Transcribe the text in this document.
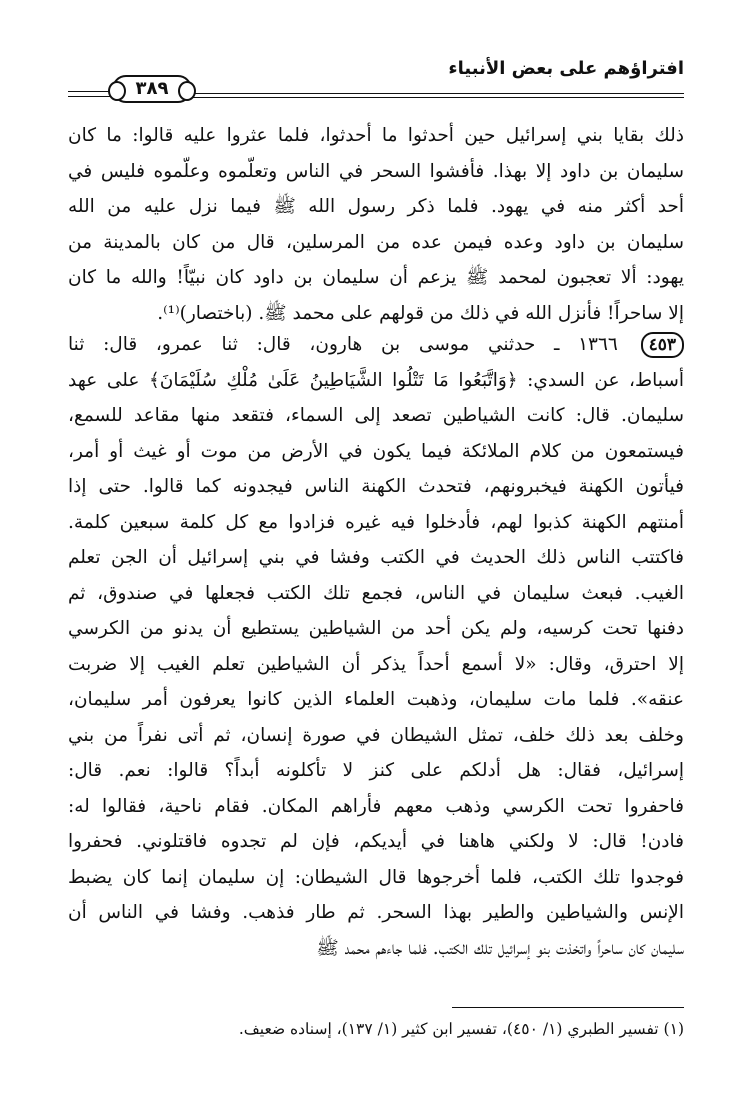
افتراؤهم على بعض الأنبياء
٣٨٩
ذلك بقايا بني إسرائيل حين أحدثوا ما أحدثوا، فلما عثروا عليه قالوا: ما كان
سليمان بن داود إلا بهذا. فأفشوا السحر في الناس وتعلّموه وعلّموه فليس في
أحد أكثر منه في يهود. فلما ذكر رسول الله ﷺ فيما نزل عليه من الله
سليمان بن داود وعده فيمن عده من المرسلين، قال من كان بالمدينة من
يهود: ألا تعجبون لمحمد ﷺ يزعم أن سليمان بن داود كان نبيّاً! والله ما كان
إلا ساحراً! فأنزل الله في ذلك من قولهم على محمد ﷺ. (باختصار)⁽¹⁾.
٤٥٣ ١٣٦٦ ـ حدثني موسى بن هارون، قال: ثنا عمرو، قال: ثنا
أسباط، عن السدي: ﴿وَاتَّبَعُوا مَا تَتْلُوا الشَّيَاطِينُ عَلَىٰ مُلْكِ سُلَيْمَانَ﴾ على عهد
سليمان. قال: كانت الشياطين تصعد إلى السماء، فتقعد منها مقاعد للسمع،
فيستمعون من كلام الملائكة فيما يكون في الأرض من موت أو غيث أو أمر،
فيأتون الكهنة فيخبرونهم، فتحدث الكهنة الناس فيجدونه كما قالوا. حتى إذا
أمنتهم الكهنة كذبوا لهم، فأدخلوا فيه غيره فزادوا مع كل كلمة سبعين كلمة.
فاكتتب الناس ذلك الحديث في الكتب وفشا في بني إسرائيل أن الجن تعلم
الغيب. فبعث سليمان في الناس، فجمع تلك الكتب فجعلها في صندوق، ثم
دفنها تحت كرسيه، ولم يكن أحد من الشياطين يستطيع أن يدنو من الكرسي
إلا احترق، وقال: «لا أسمع أحداً يذكر أن الشياطين تعلم الغيب إلا ضربت
عنقه». فلما مات سليمان، وذهبت العلماء الذين كانوا يعرفون أمر سليمان،
وخلف بعد ذلك خلف، تمثل الشيطان في صورة إنسان، ثم أتى نفراً من بني
إسرائيل، فقال: هل أدلكم على كنز لا تأكلونه أبداً؟ قالوا: نعم. قال:
فاحفروا تحت الكرسي وذهب معهم فأراهم المكان. فقام ناحية، فقالوا له:
فادن! قال: لا ولكني هاهنا في أيديكم، فإن لم تجدوه فاقتلوني. فحفروا
فوجدوا تلك الكتب، فلما أخرجوها قال الشيطان: إن سليمان إنما كان يضبط
الإنس والشياطين والطير بهذا السحر. ثم طار فذهب. وفشا في الناس أن
سليمان كان ساحراً واتخذت بنو إسرائيل تلك الكتب. فلما جاءهم محمد ﷺ
(١) تفسير الطبري (١/ ٤٥٠)، تفسير ابن كثير (١/ ١٣٧)، إسناده ضعيف.
